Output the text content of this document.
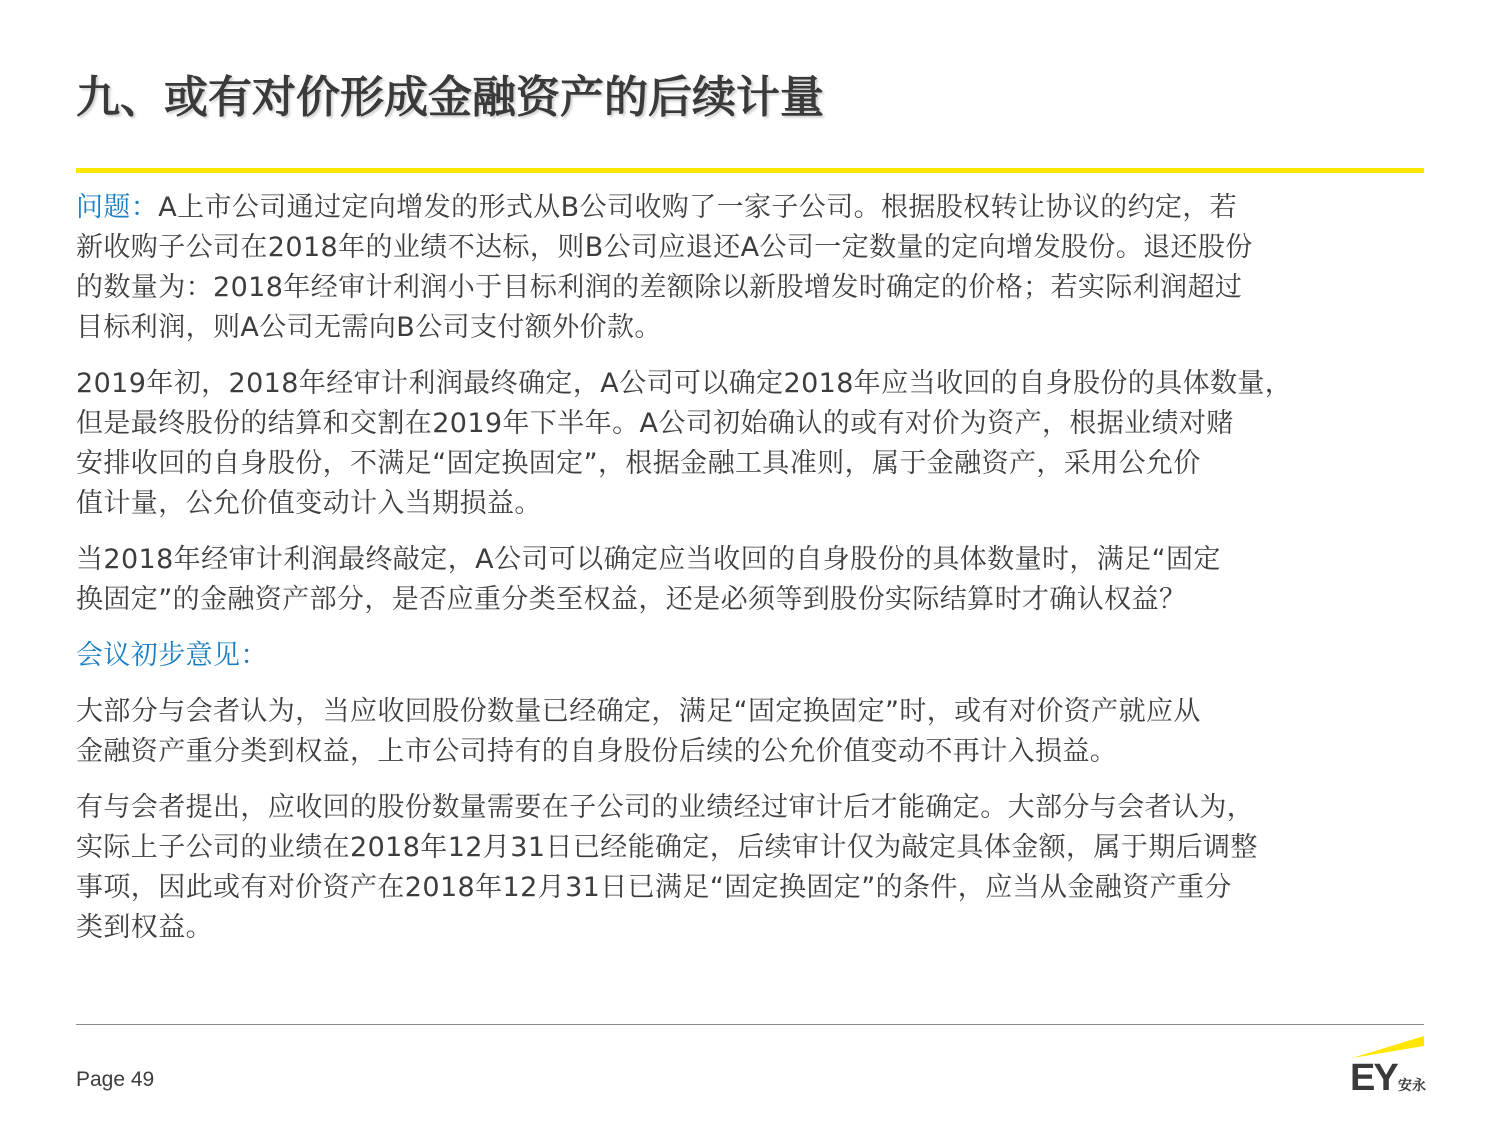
九、或有对价形成金融资产的后续计量

问题：A上市公司通过定向增发的形式从B公司收购了一家子公司。根据股权转让协议的约定，若
新收购子公司在2018年的业绩不达标，则B公司应退还A公司一定数量的定向增发股份。退还股份
的数量为：2018年经审计利润小于目标利润的差额除以新股增发时确定的价格；若实际利润超过
目标利润，则A公司无需向B公司支付额外价款。

2019年初，2018年经审计利润最终确定，A公司可以确定2018年应当收回的自身股份的具体数量，
但是最终股份的结算和交割在2019年下半年。A公司初始确认的或有对价为资产，根据业绩对赌
安排收回的自身股份，不满足“固定换固定”，根据金融工具准则，属于金融资产，采用公允价
值计量，公允价值变动计入当期损益。

当2018年经审计利润最终敲定，A公司可以确定应当收回的自身股份的具体数量时，满足“固定
换固定”的金融资产部分，是否应重分类至权益，还是必须等到股份实际结算时才确认权益？

会议初步意见：

大部分与会者认为，当应收回股份数量已经确定，满足“固定换固定”时，或有对价资产就应从
金融资产重分类到权益，上市公司持有的自身股份后续的公允价值变动不再计入损益。

有与会者提出，应收回的股份数量需要在子公司的业绩经过审计后才能确定。大部分与会者认为，
实际上子公司的业绩在2018年12月31日已经能确定，后续审计仅为敲定具体金额，属于期后调整
事项，因此或有对价资产在2018年12月31日已满足“固定换固定”的条件，应当从金融资产重分
类到权益。

Page 49	EY 安永
